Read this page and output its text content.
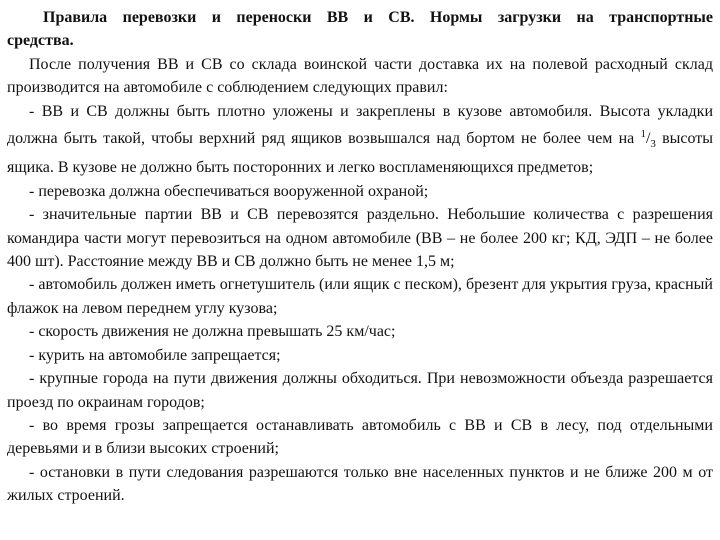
Правила перевозки и переноски ВВ и СВ. Нормы загрузки на транспортные средства.

После получения ВВ и СВ со склада воинской части доставка их на полевой расходный склад производится на автомобиле с соблюдением следующих правил:

- ВВ и СВ должны быть плотно уложены и закреплены в кузове автомобиля. Высота укладки должна быть такой, чтобы верхний ряд ящиков возвышался над бортом не более чем на $^1/_3$ высоты ящика. В кузове не должно быть посторонних и легко воспламеняющихся предметов;

- перевозка должна обеспечиваться вооруженной охраной;

- значительные партии ВВ и СВ перевозятся раздельно. Небольшие количества с разрешения командира части могут перевозиться на одном автомобиле (ВВ – не более 200 кг; КД, ЭДП – не более 400 шт). Расстояние между ВВ и СВ должно быть не менее 1,5 м;

- автомобиль должен иметь огнетушитель (или ящик с песком), брезент для укрытия груза, красный флажок на левом переднем углу кузова;

- скорость движения не должна превышать 25 км/час;

- курить на автомобиле запрещается;

- крупные города на пути движения должны обходиться. При невозможности объезда разрешается проезд по окраинам городов;

- во время грозы запрещается останавливать автомобиль с ВВ и СВ в лесу, под отдельными деревьями и в близи высоких строений;

- остановки в пути следования разрешаются только вне населенных пунктов и не ближе 200 м от жилых строений.
